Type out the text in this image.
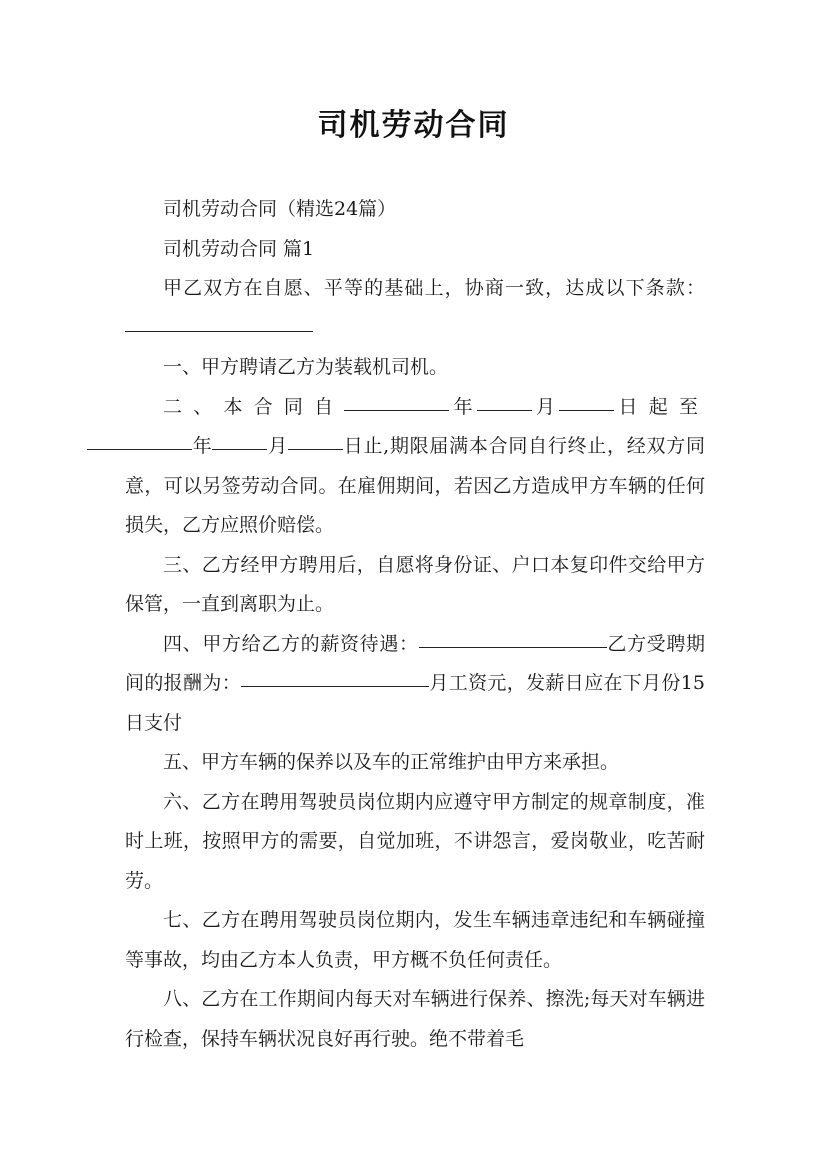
司机劳动合同

司机劳动合同（精选24篇）

司机劳动合同 篇1

甲乙双方在自愿、平等的基础上，协商一致，达成以下条款：

一、甲方聘请乙方为装载机司机。

二、本合同自	年	月	日起至年	月	日止,期限届满本合同自行终止，经双方同意，可以另签劳动合同。在雇佣期间，若因乙方造成甲方车辆的任何损失，乙方应照价赔偿。

三、乙方经甲方聘用后，自愿将身份证、户口本复印件交给甲方保管，一直到离职为止。

四、甲方给乙方的薪资待遇：	乙方受聘期间的报酬为：	月工资元，发薪日应在下月份15日支付

五、甲方车辆的保养以及车的正常维护由甲方来承担。

六、乙方在聘用驾驶员岗位期内应遵守甲方制定的规章制度，准时上班，按照甲方的需要，自觉加班，不讲怨言，爱岗敬业，吃苦耐劳。

七、乙方在聘用驾驶员岗位期内，发生车辆违章违纪和车辆碰撞等事故，均由乙方本人负责，甲方概不负任何责任。

八、乙方在工作期间内每天对车辆进行保养、擦洗;每天对车辆进行检查，保持车辆状况良好再行驶。绝不带着毛
